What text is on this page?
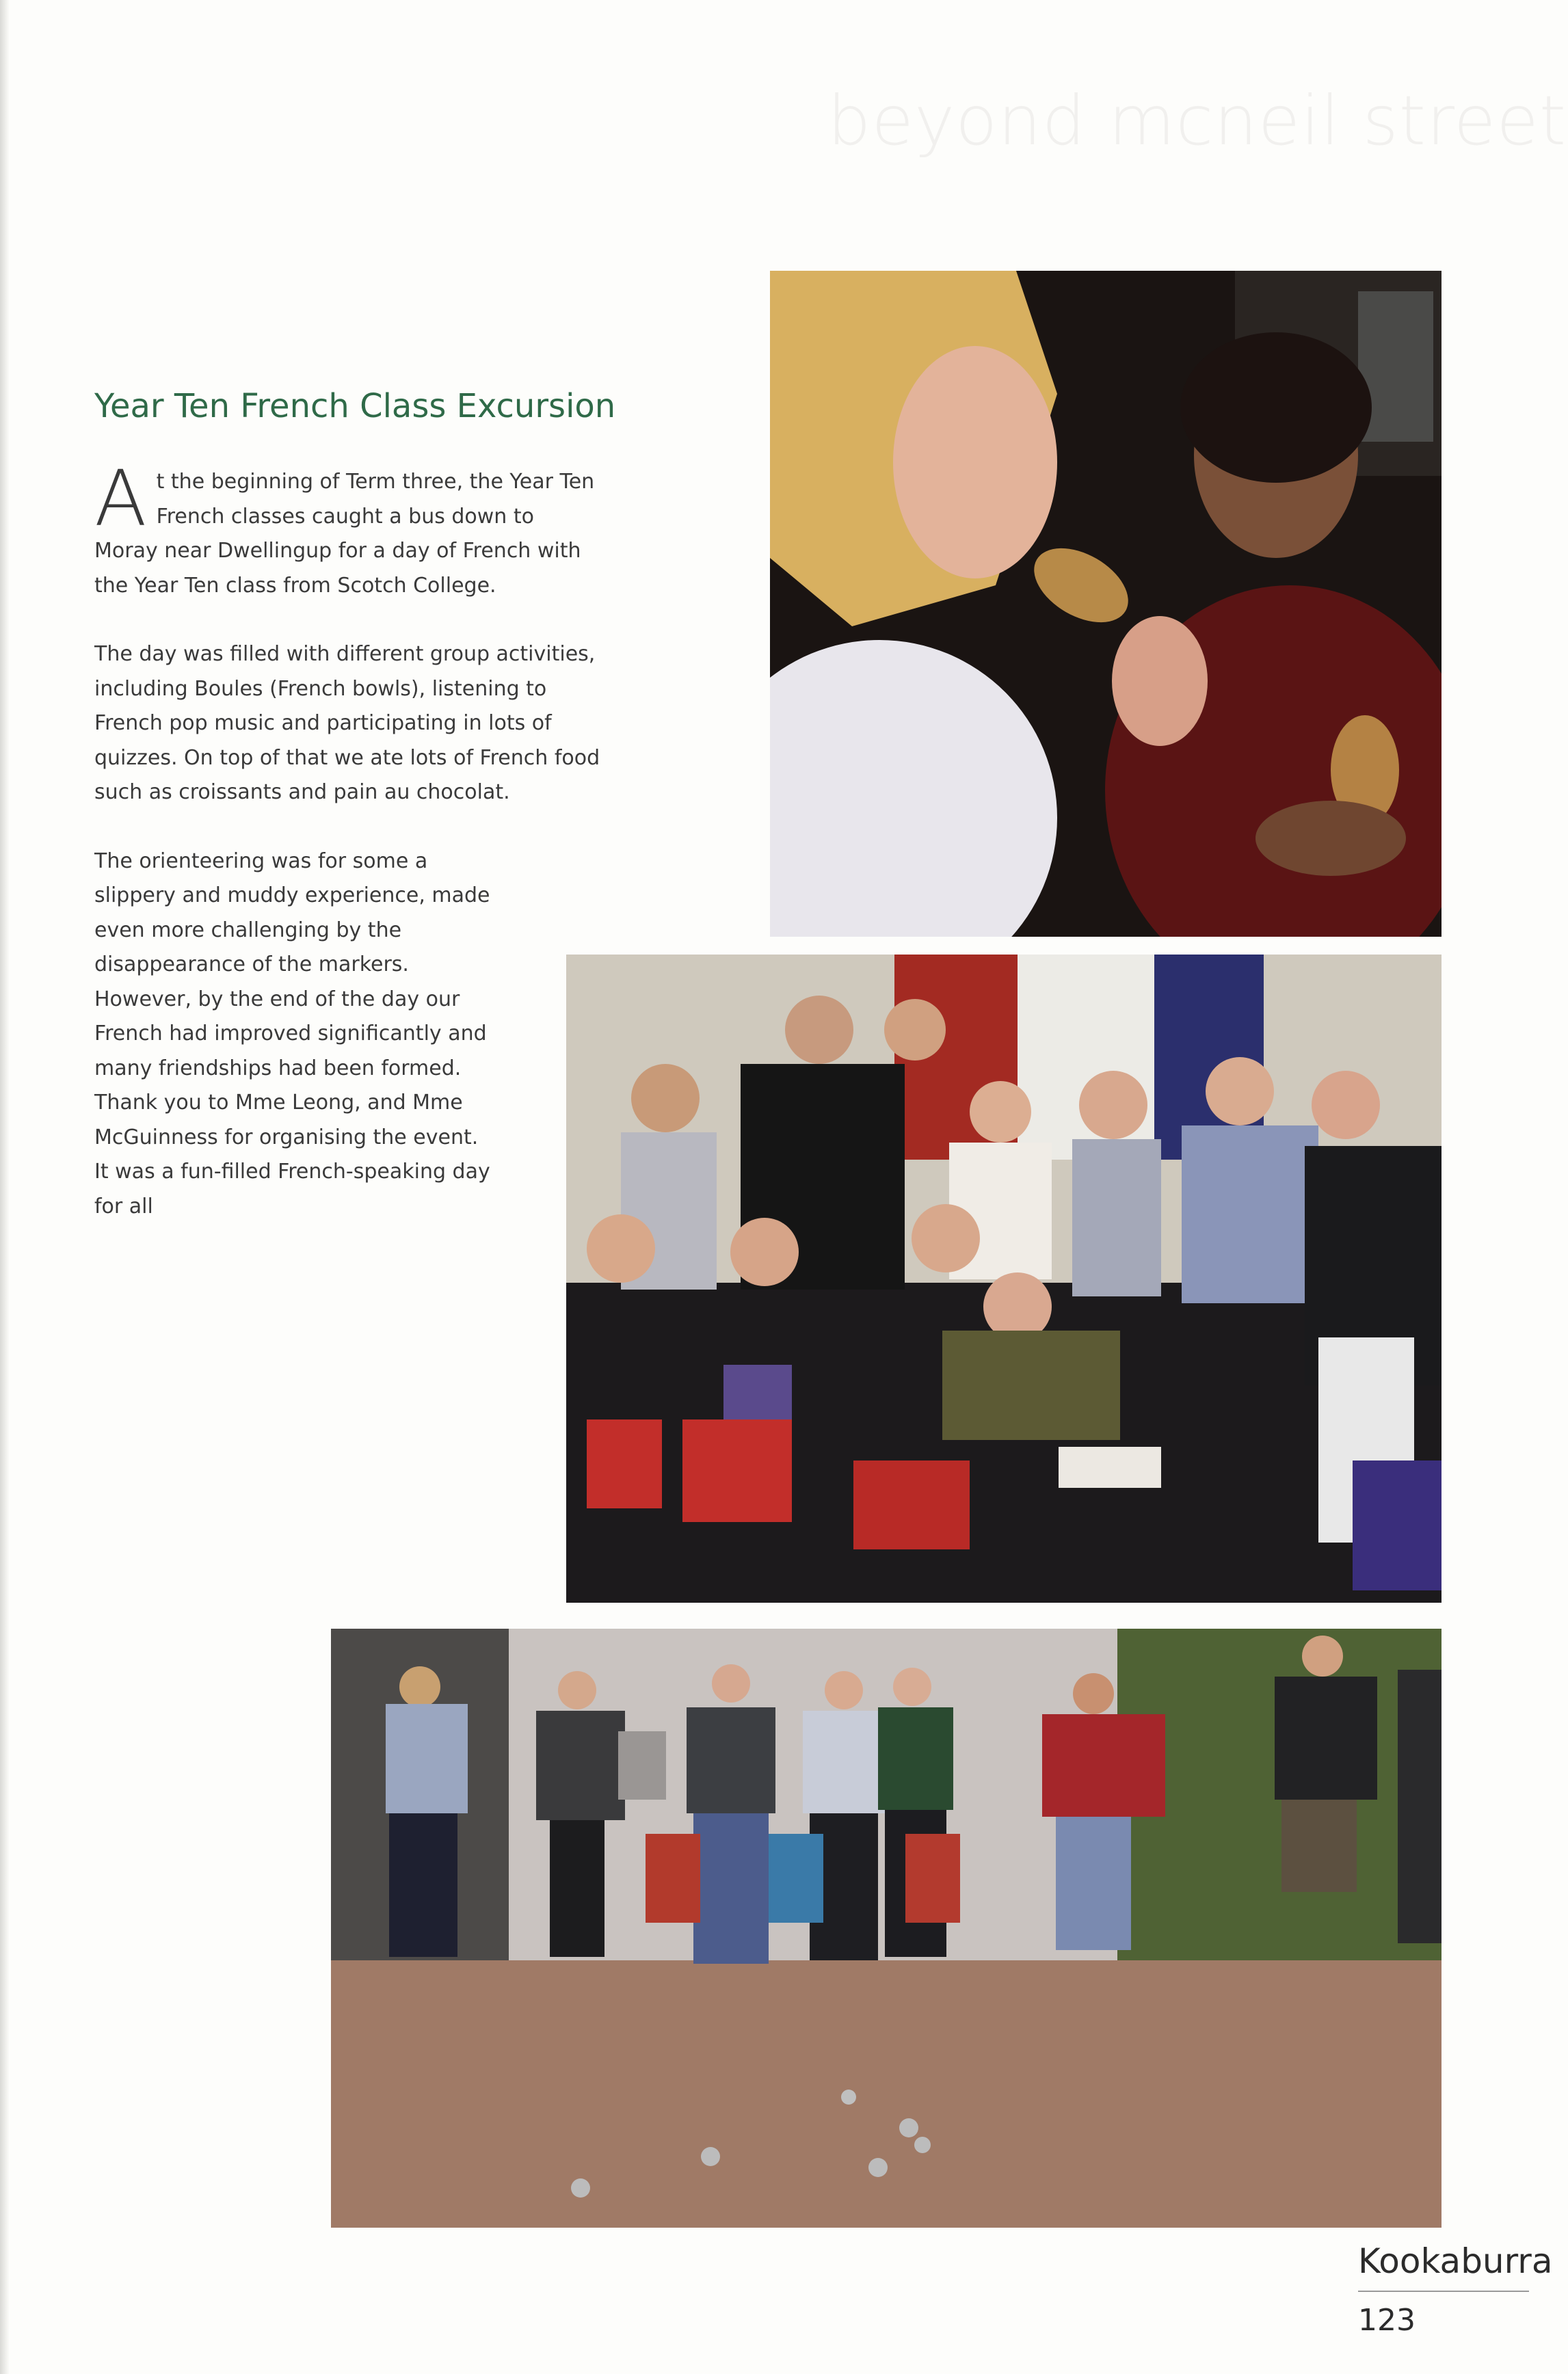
beyond mcneil street
Year Ten French Class Excursion

At the beginning of Term three, the Year Ten French classes caught a bus down to Moray near Dwellingup for a day of French with the Year Ten class from Scotch College.

The day was filled with different group activities, including Boules (French bowls), listening to French pop music and participating in lots of quizzes. On top of that we ate lots of French food such as croissants and pain au chocolat.

The orienteering was for some a slippery and muddy experience, made even more challenging by the disappearance of the markers. However, by the end of the day our French had improved significantly and many friendships had been formed. Thank you to Mme Leong, and Mme McGuinness for organising the event. It was a fun-filled French-speaking day for all

Kookaburra
123
